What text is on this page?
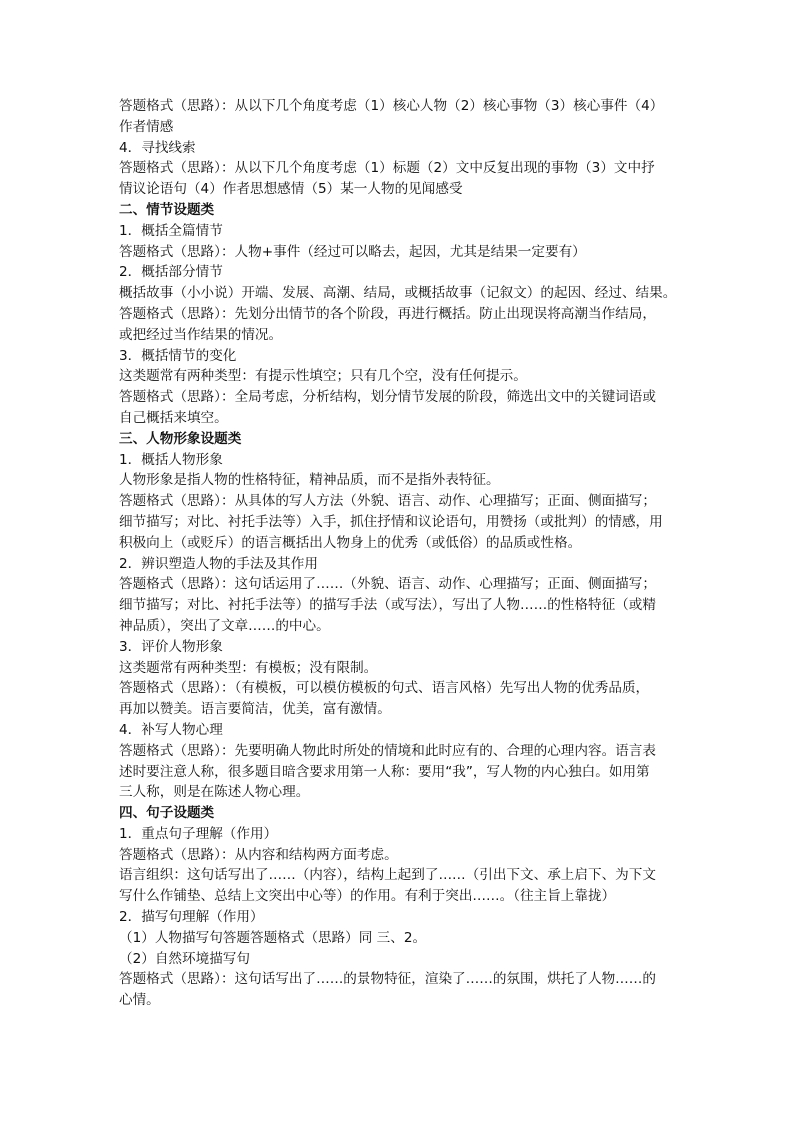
答题格式（思路）：从以下几个角度考虑（1）核心人物（2）核心事物（3）核心事件（4）
作者情感
4．寻找线索
答题格式（思路）：从以下几个角度考虑（1）标题（2）文中反复出现的事物（3）文中抒
情议论语句（4）作者思想感情（5）某一人物的见闻感受
二、情节设题类
1．概括全篇情节
答题格式（思路）：人物+事件（经过可以略去，起因，尤其是结果一定要有）
2．概括部分情节
概括故事（小小说）开端、发展、高潮、结局，或概括故事（记叙文）的起因、经过、结果。
答题格式（思路）：先划分出情节的各个阶段，再进行概括。防止出现误将高潮当作结局，
或把经过当作结果的情况。
3．概括情节的变化
这类题常有两种类型：有提示性填空；只有几个空，没有任何提示。
答题格式（思路）：全局考虑，分析结构，划分情节发展的阶段，筛选出文中的关键词语或
自己概括来填空。
三、人物形象设题类
1．概括人物形象
人物形象是指人物的性格特征，精神品质，而不是指外表特征。
答题格式（思路）：从具体的写人方法（外貌、语言、动作、心理描写；正面、侧面描写；
细节描写；对比、衬托手法等）入手，抓住抒情和议论语句，用赞扬（或批判）的情感，用
积极向上（或贬斥）的语言概括出人物身上的优秀（或低俗）的品质或性格。
2．辨识塑造人物的手法及其作用
答题格式（思路）：这句话运用了……（外貌、语言、动作、心理描写；正面、侧面描写；
细节描写；对比、衬托手法等）的描写手法（或写法），写出了人物……的性格特征（或精
神品质），突出了文章……的中心。
3．评价人物形象
这类题常有两种类型：有模板；没有限制。
答题格式（思路）：（有模板，可以模仿模板的句式、语言风格）先写出人物的优秀品质，
再加以赞美。语言要简洁，优美，富有激情。
4．补写人物心理
答题格式（思路）：先要明确人物此时所处的情境和此时应有的、合理的心理内容。语言表
述时要注意人称，很多题目暗含要求用第一人称：要用“我”，写人物的内心独白。如用第
三人称，则是在陈述人物心理。
四、句子设题类
1．重点句子理解（作用）
答题格式（思路）：从内容和结构两方面考虑。
语言组织：这句话写出了……（内容），结构上起到了……（引出下文、承上启下、为下文
写什么作铺垫、总结上文突出中心等）的作用。有利于突出……。（往主旨上靠拢）
2．描写句理解（作用）
（1）人物描写句答题答题格式（思路）同 三、2。
（2）自然环境描写句
答题格式（思路）：这句话写出了……的景物特征，渲染了……的氛围，烘托了人物……的
心情。
